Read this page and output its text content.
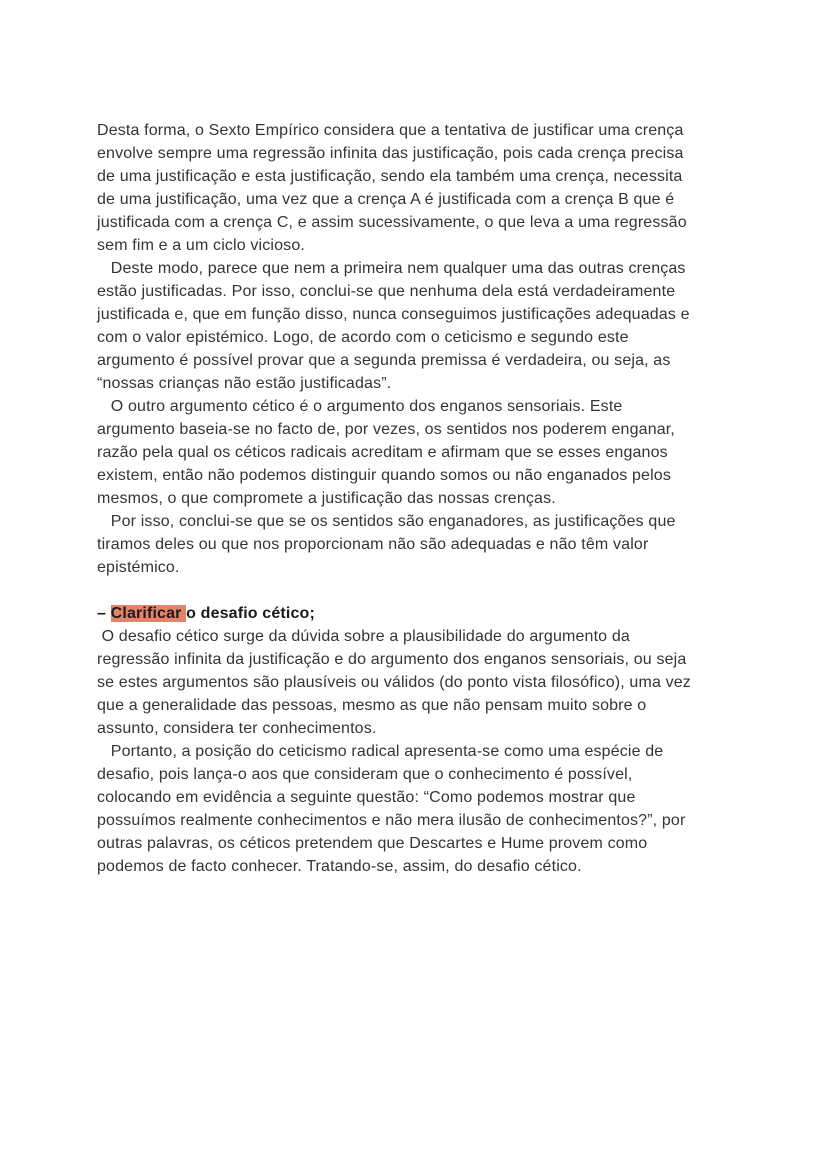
Desta forma, o Sexto Empírico considera que a tentativa de justificar uma crença
envolve sempre uma regressão infinita das justificação, pois cada crença precisa
de uma justificação e esta justificação, sendo ela também uma crença, necessita
de uma justificação, uma vez que a crença A é justificada com a crença B que é
justificada com a crença C, e assim sucessivamente, o que leva a uma regressão
sem fim e a um ciclo vicioso.
Deste modo, parece que nem a primeira nem qualquer uma das outras crenças
estão justificadas. Por isso, conclui-se que nenhuma dela está verdadeiramente
justificada e, que em função disso, nunca conseguimos justificações adequadas e
com o valor epistémico. Logo, de acordo com o ceticismo e segundo este
argumento é possível provar que a segunda premissa é verdadeira, ou seja, as
“nossas crianças não estão justificadas”.
O outro argumento cético é o argumento dos enganos sensoriais. Este
argumento baseia-se no facto de, por vezes, os sentidos nos poderem enganar,
razão pela qual os céticos radicais acreditam e afirmam que se esses enganos
existem, então não podemos distinguir quando somos ou não enganados pelos
mesmos, o que compromete a justificação das nossas crenças.
Por isso, conclui-se que se os sentidos são enganadores, as justificações que
tiramos deles ou que nos proporcionam não são adequadas e não têm valor
epistémico.
– Clarificar o desafio cético;
O desafio cético surge da dúvida sobre a plausibilidade do argumento da
regressão infinita da justificação e do argumento dos enganos sensoriais, ou seja
se estes argumentos são plausíveis ou válidos (do ponto vista filosófico), uma vez
que a generalidade das pessoas, mesmo as que não pensam muito sobre o
assunto, considera ter conhecimentos.
Portanto, a posição do ceticismo radical apresenta-se como uma espécie de
desafio, pois lança-o aos que consideram que o conhecimento é possível,
colocando em evidência a seguinte questão: “Como podemos mostrar que
possuímos realmente conhecimentos e não mera ilusão de conhecimentos?”, por
outras palavras, os céticos pretendem que Descartes e Hume provem como
podemos de facto conhecer. Tratando-se, assim, do desafio cético.
